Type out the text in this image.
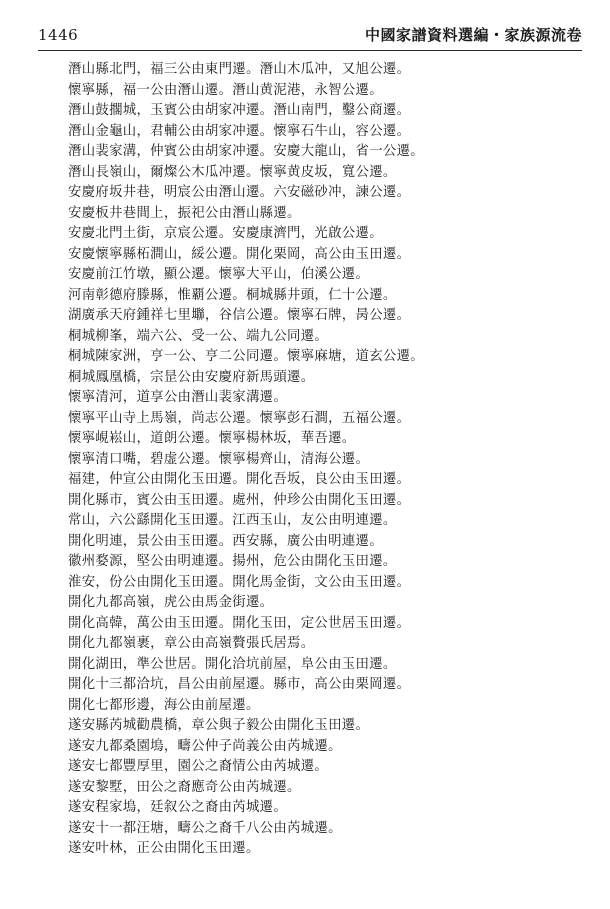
1446	中國家譜資料選編・家族源流卷
潛山縣北門，福三公由東門遷。潛山木瓜冲，又旭公遷。
懷寧縣，福一公由潛山遷。潛山黄泥港，永智公遷。
潛山鼓擱城，玉賓公由胡家冲遷。潛山南門，鑿公商遷。
潛山金龜山，君輔公由胡家冲遷。懷寧石牛山，容公遷。
潛山裴家溝，仲賓公由胡家冲遷。安慶大龍山，省一公遷。
潛山長嶺山，爾燦公木瓜冲遷。懷寧黄皮坂，寬公遷。
安慶府坂井巷，明宸公由潛山遷。六安磁砂冲，諫公遷。
安慶板井巷間上，振祀公由潛山縣遷。
安慶北門土街，京宸公遷。安慶康濟門，光啟公遷。
安慶懷寧縣柘澗山，綏公遷。開化栗岡，高公由玉田遷。
安慶前江竹墩，顯公遷。懷寧大平山，伯溪公遷。
河南彰德府滕縣，惟覇公遷。桐城縣井頭，仁十公遷。
湖廣承天府鍾祥七里壣，谷信公遷。懷寧石牌，昺公遷。
桐城柳峯，端六公、受一公、端九公同遷。
桐城陳家洲，亨一公、亨二公同遷。懷寧麻塘，道玄公遷。
桐城鳳凰橋，宗昰公由安慶府新馬頭遷。
懷寧清河，道享公由潛山裴家溝遷。
懷寧平山寺上馬嶺，尚志公遷。懷寧彭石澗，五福公遷。
懷寧峴崧山，道朗公遷。懷寧楊林坂，華吾遷。
懷寧清口嘴，碧虚公遷。懷寧楊齊山，清海公遷。
福建，仲宣公由開化玉田遷。開化吾坂，良公由玉田遷。
開化縣市，賓公由玉田遷。處州，仲珍公由開化玉田遷。
常山，六公繇開化玉田遷。江西玉山，友公由明連遷。
開化明連，景公由玉田遷。西安縣，廣公由明連遷。
徽州婺源，堅公由明連遷。揚州，危公由開化玉田遷。
淮安，份公由開化玉田遷。開化馬金街，文公由玉田遷。
開化九都高嶺，虎公由馬金街遷。
開化高韓，萬公由玉田遷。開化玉田，定公世居玉田遷。
開化九都嶺裹，章公由高嶺贅張氏居焉。
開化湖田，準公世居。開化洽坑前屋，阜公由玉田遷。
開化十三都洽坑，昌公由前屋遷。縣市，高公由栗岡遷。
開化七都形邊，海公由前屋遷。
遂安縣芮城勸農橋，章公與子毅公由開化玉田遷。
遂安九都桑園塢，疇公仲子尚義公由芮城遷。
遂安七都豐厚里，園公之裔情公由芮城遷。
遂安黎墅，田公之裔應奇公由芮城遷。
遂安程家塢，廷叙公之裔由芮城遷。
遂安十一都汪塘，疇公之裔千八公由芮城遷。
遂安叶林，正公由開化玉田遷。
